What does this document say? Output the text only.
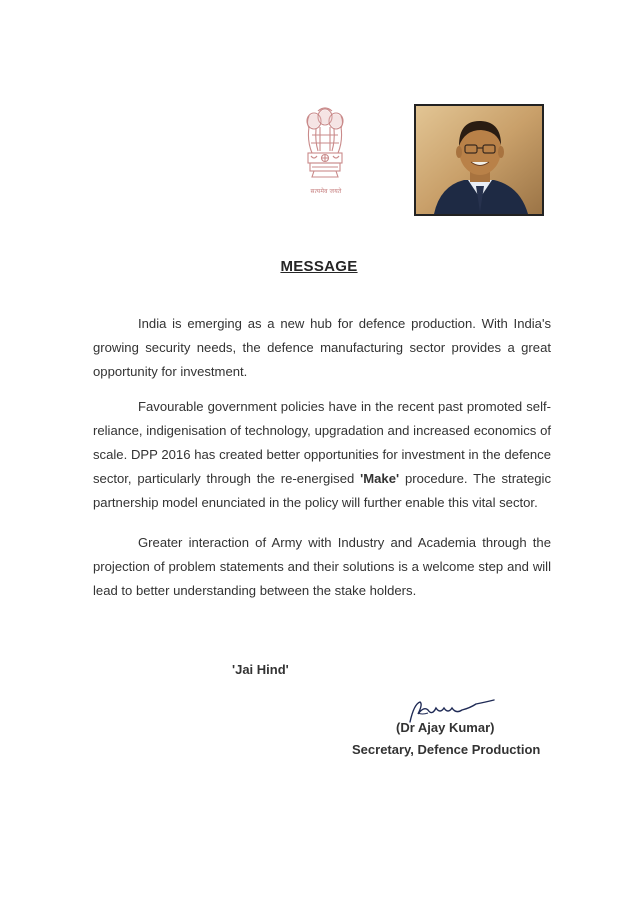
सत्यमेव जयते
MESSAGE

India is emerging as a new hub for defence production. With India's growing security needs, the defence manufacturing sector provides a great opportunity for investment.

Favourable government policies have in the recent past promoted self-reliance, indigenisation of technology, upgradation and increased economics of scale. DPP 2016 has created better opportunities for investment in the defence sector, particularly through the re-energised 'Make' procedure. The strategic partnership model enunciated in the policy will further enable this vital sector.

Greater interaction of Army with Industry and Academia through the projection of problem statements and their solutions is a welcome step and will lead to better understanding between the stake holders.

'Jai Hind'
(Dr Ajay Kumar)
Secretary, Defence Production
